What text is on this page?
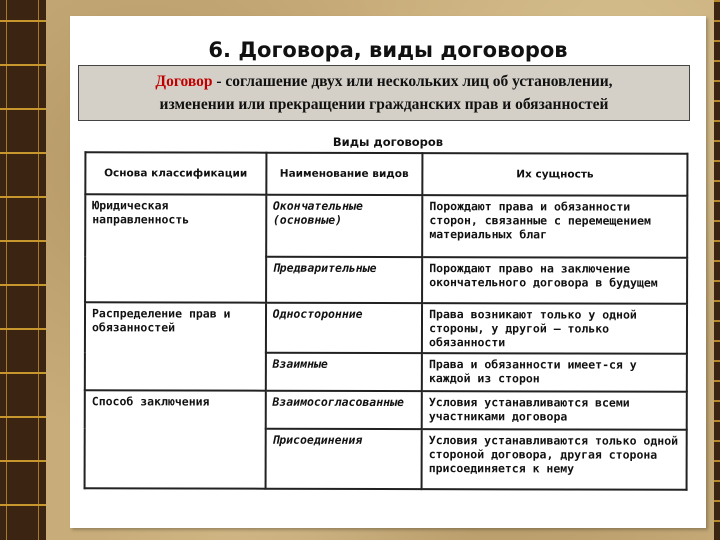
6. Договора, виды договоров
Договор - соглашение двух или нескольких лиц об установлении,
изменении или прекращении гражданских прав и обязанностей
Виды договоров
Основа классификации	Наименование видов	Их сущность
Юридическая направленность	Окончательные (основные)	Порождают права и обязанности сторон, связанные с перемещением материальных благ
	Предварительные	Порождают право на заключение окончательного договора в будущем
Распределение прав и обязанностей	Односторонние	Права возникают только у одной стороны, у другой — только обязанности
	Взаимные	Права и обязанности имеет-ся у каждой из сторон
Способ заключения	Взаимосогласованные	Условия устанавливаются всеми участниками договора
	Присоединения	Условия устанавливаются только одной стороной договора, другая сторона присоединяется к нему
